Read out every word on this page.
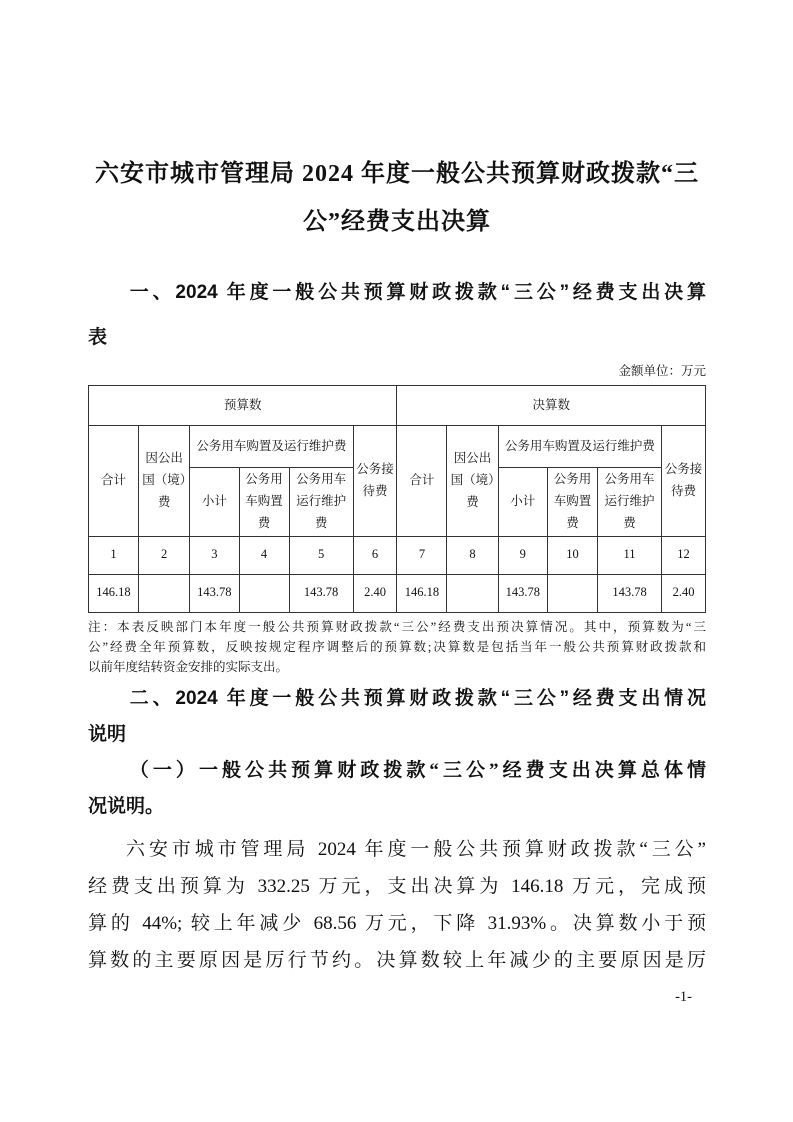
六安市城市管理局 2024 年度一般公共预算财政拨款“三
公”经费支出决算
一、2024 年度一般公共预算财政拨款“三公”经费支出决算
表
金额单位：万元
预算数						决算数					
合计	因公出国（境）费	公务用车购置及运行维护费			公务接待费	合计	因公出国（境）费	公务用车购置及运行维护费			公务接待费
		小计	公务用车购置费	公务用车运行维护费				小计	公务用车购置费	公务用车运行维护费	
1	2	3	4	5	6	7	8	9	10	11	12
146.18		143.78		143.78	2.40	146.18		143.78		143.78	2.40
注：本表反映部门本年度一般公共预算财政拨款“三公”经费支出预决算情况。其中，预算数为“三
公”经费全年预算数，反映按规定程序调整后的预算数;决算数是包括当年一般公共预算财政拨款和
以前年度结转资金安排的实际支出。
二、2024 年度一般公共预算财政拨款“三公”经费支出情况
说明
（一）一般公共预算财政拨款“三公”经费支出决算总体情
况说明。
六安市城市管理局 2024 年度一般公共预算财政拨款“三公”
经费支出预算为 332.25 万元，支出决算为 146.18 万元，完成预
算的 44%; 较上年减少 68.56 万元，下降 31.93%。决算数小于预
算数的主要原因是厉行节约。决算数较上年减少的主要原因是厉
-1-
